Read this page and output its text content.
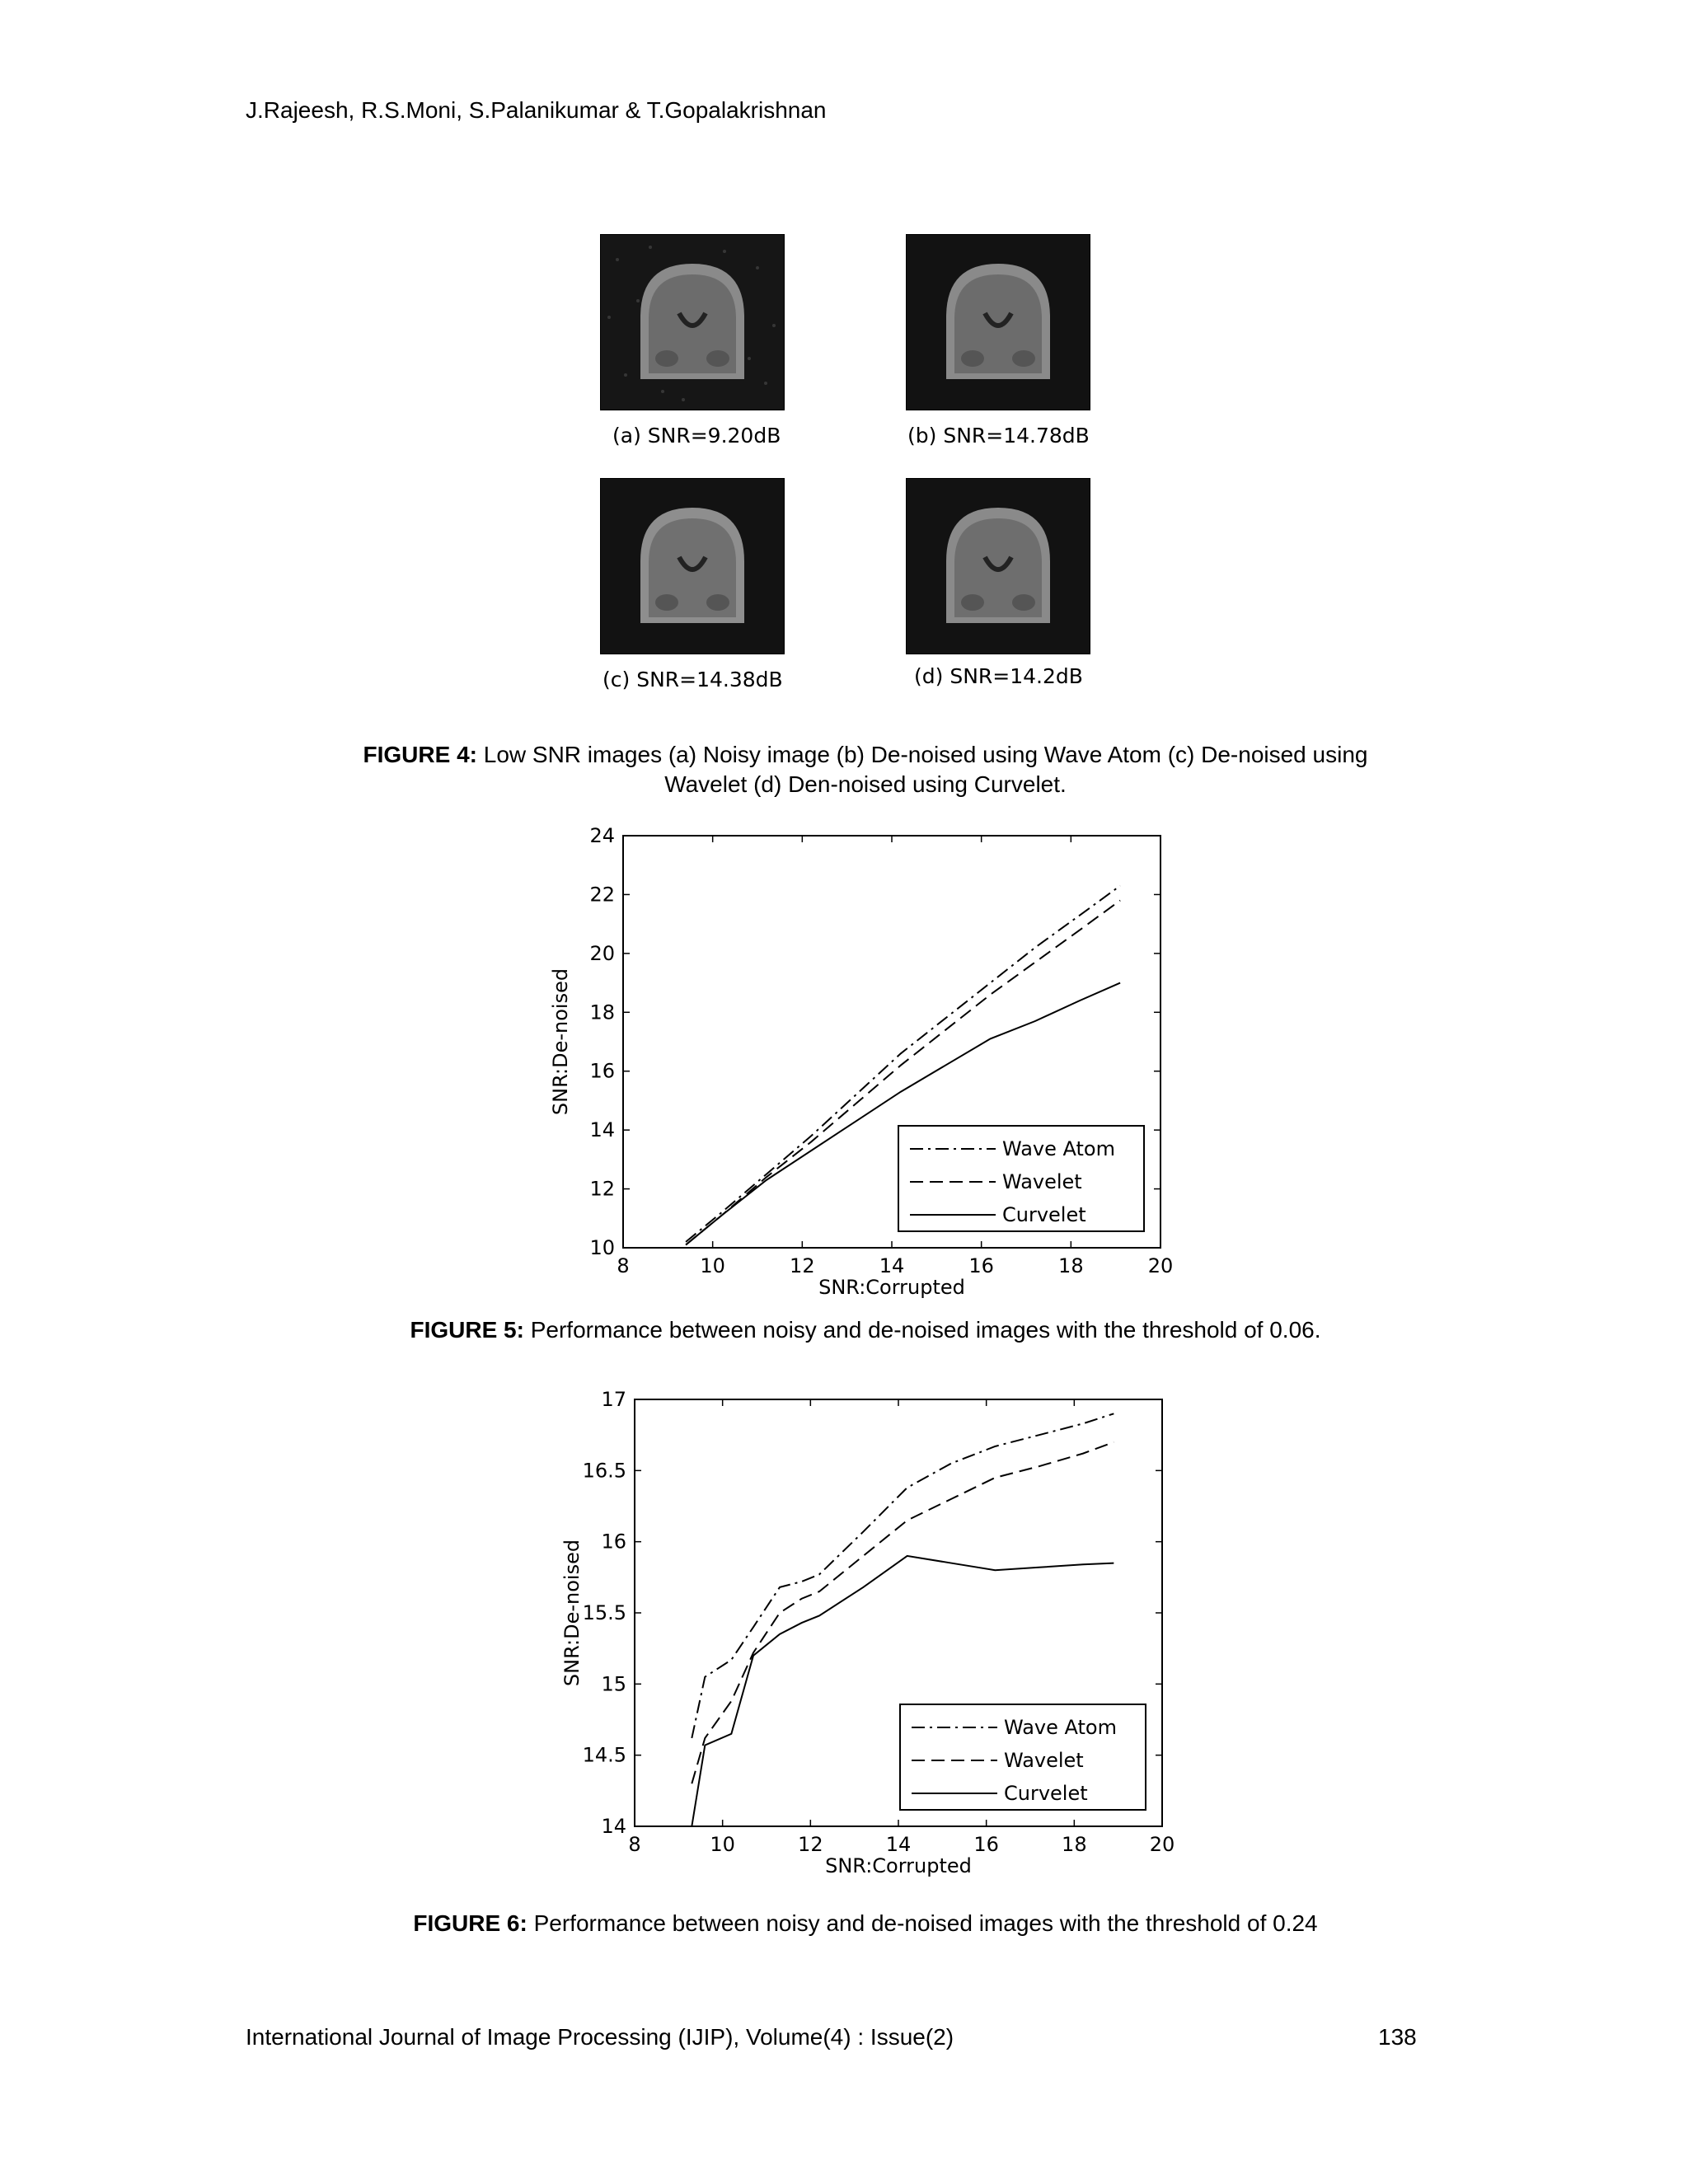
J.Rajeesh, R.S.Moni, S.Palanikumar & T.Gopalakrishnan
(a) SNR=9.20dB	(b) SNR=14.78dB
(c) SNR=14.38dB	(d) SNR=14.2dB
FIGURE 4: Low SNR images (a) Noisy image (b) De-noised using Wave Atom (c) De-noised using
Wavelet (d) Den-noised using Curvelet.
8	10	12	14	16	18	20
10
12
14
16
18
20
22
24
SNR:Corrupted
SNR:De-noised
Wave Atom
Wavelet
Curvelet
FIGURE 5: Performance between noisy and de-noised images with the threshold of 0.06.
8	10	12	14	16	18	20
14
14.5
15
15.5
16
16.5
17
SNR:Corrupted
SNR:De-noised
Wave Atom
Wavelet
Curvelet
FIGURE 6: Performance between noisy and de-noised images with the threshold of 0.24
International Journal of Image Processing (IJIP), Volume(4) : Issue(2)	138
